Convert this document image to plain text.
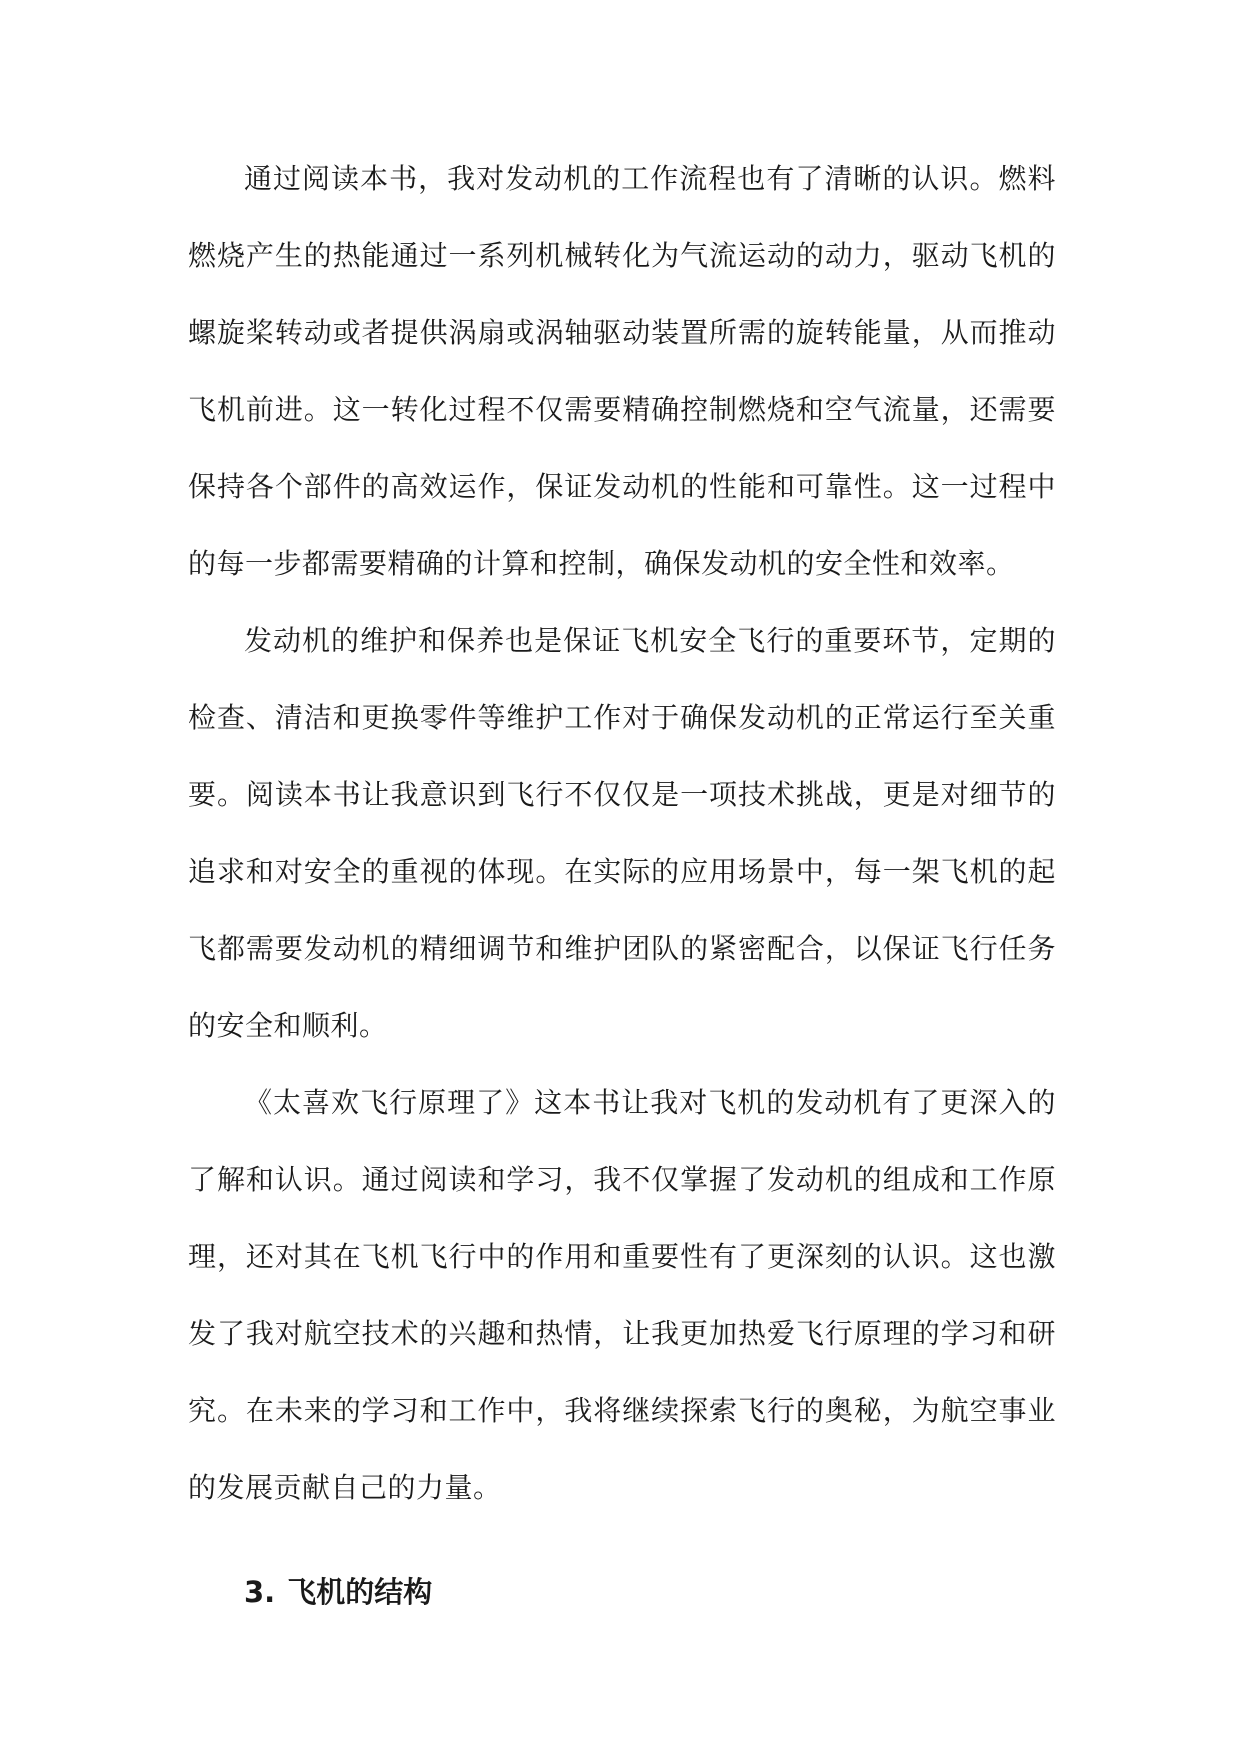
通过阅读本书，我对发动机的工作流程也有了清晰的认识。燃料燃烧产生的热能通过一系列机械转化为气流运动的动力，驱动飞机的螺旋桨转动或者提供涡扇或涡轴驱动装置所需的旋转能量，从而推动飞机前进。这一转化过程不仅需要精确控制燃烧和空气流量，还需要保持各个部件的高效运作，保证发动机的性能和可靠性。这一过程中的每一步都需要精确的计算和控制，确保发动机的安全性和效率。

发动机的维护和保养也是保证飞机安全飞行的重要环节，定期的检查、清洁和更换零件等维护工作对于确保发动机的正常运行至关重要。阅读本书让我意识到飞行不仅仅是一项技术挑战，更是对细节的追求和对安全的重视的体现。在实际的应用场景中，每一架飞机的起飞都需要发动机的精细调节和维护团队的紧密配合，以保证飞行任务的安全和顺利。

《太喜欢飞行原理了》这本书让我对飞机的发动机有了更深入的了解和认识。通过阅读和学习，我不仅掌握了发动机的组成和工作原理，还对其在飞机飞行中的作用和重要性有了更深刻的认识。这也激发了我对航空技术的兴趣和热情，让我更加热爱飞行原理的学习和研究。在未来的学习和工作中，我将继续探索飞行的奥秘，为航空事业的发展贡献自己的力量。

3. 飞机的结构
